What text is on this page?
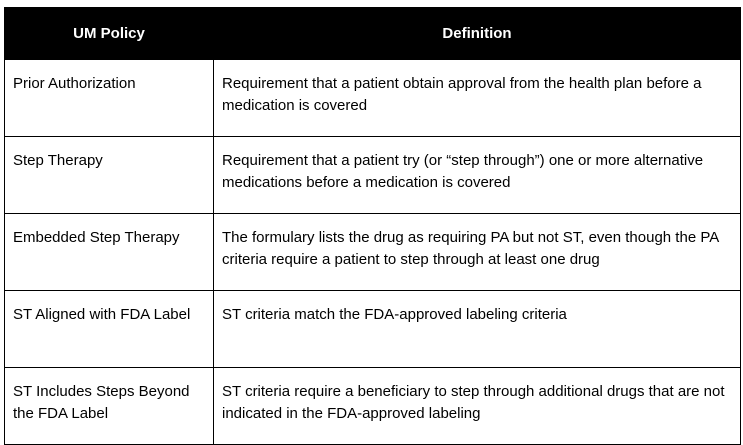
UM Policy	Definition
Prior Authorization	Requirement that a patient obtain approval from the health plan before a medication is covered
Step Therapy	Requirement that a patient try (or “step through”) one or more alternative medications before a medication is covered
Embedded Step Therapy	The formulary lists the drug as requiring PA but not ST, even though the PA criteria require a patient to step through at least one drug
ST Aligned with FDA Label	ST criteria match the FDA-approved labeling criteria
ST Includes Steps Beyond the FDA Label	ST criteria require a beneficiary to step through additional drugs that are not indicated in the FDA-approved labeling
